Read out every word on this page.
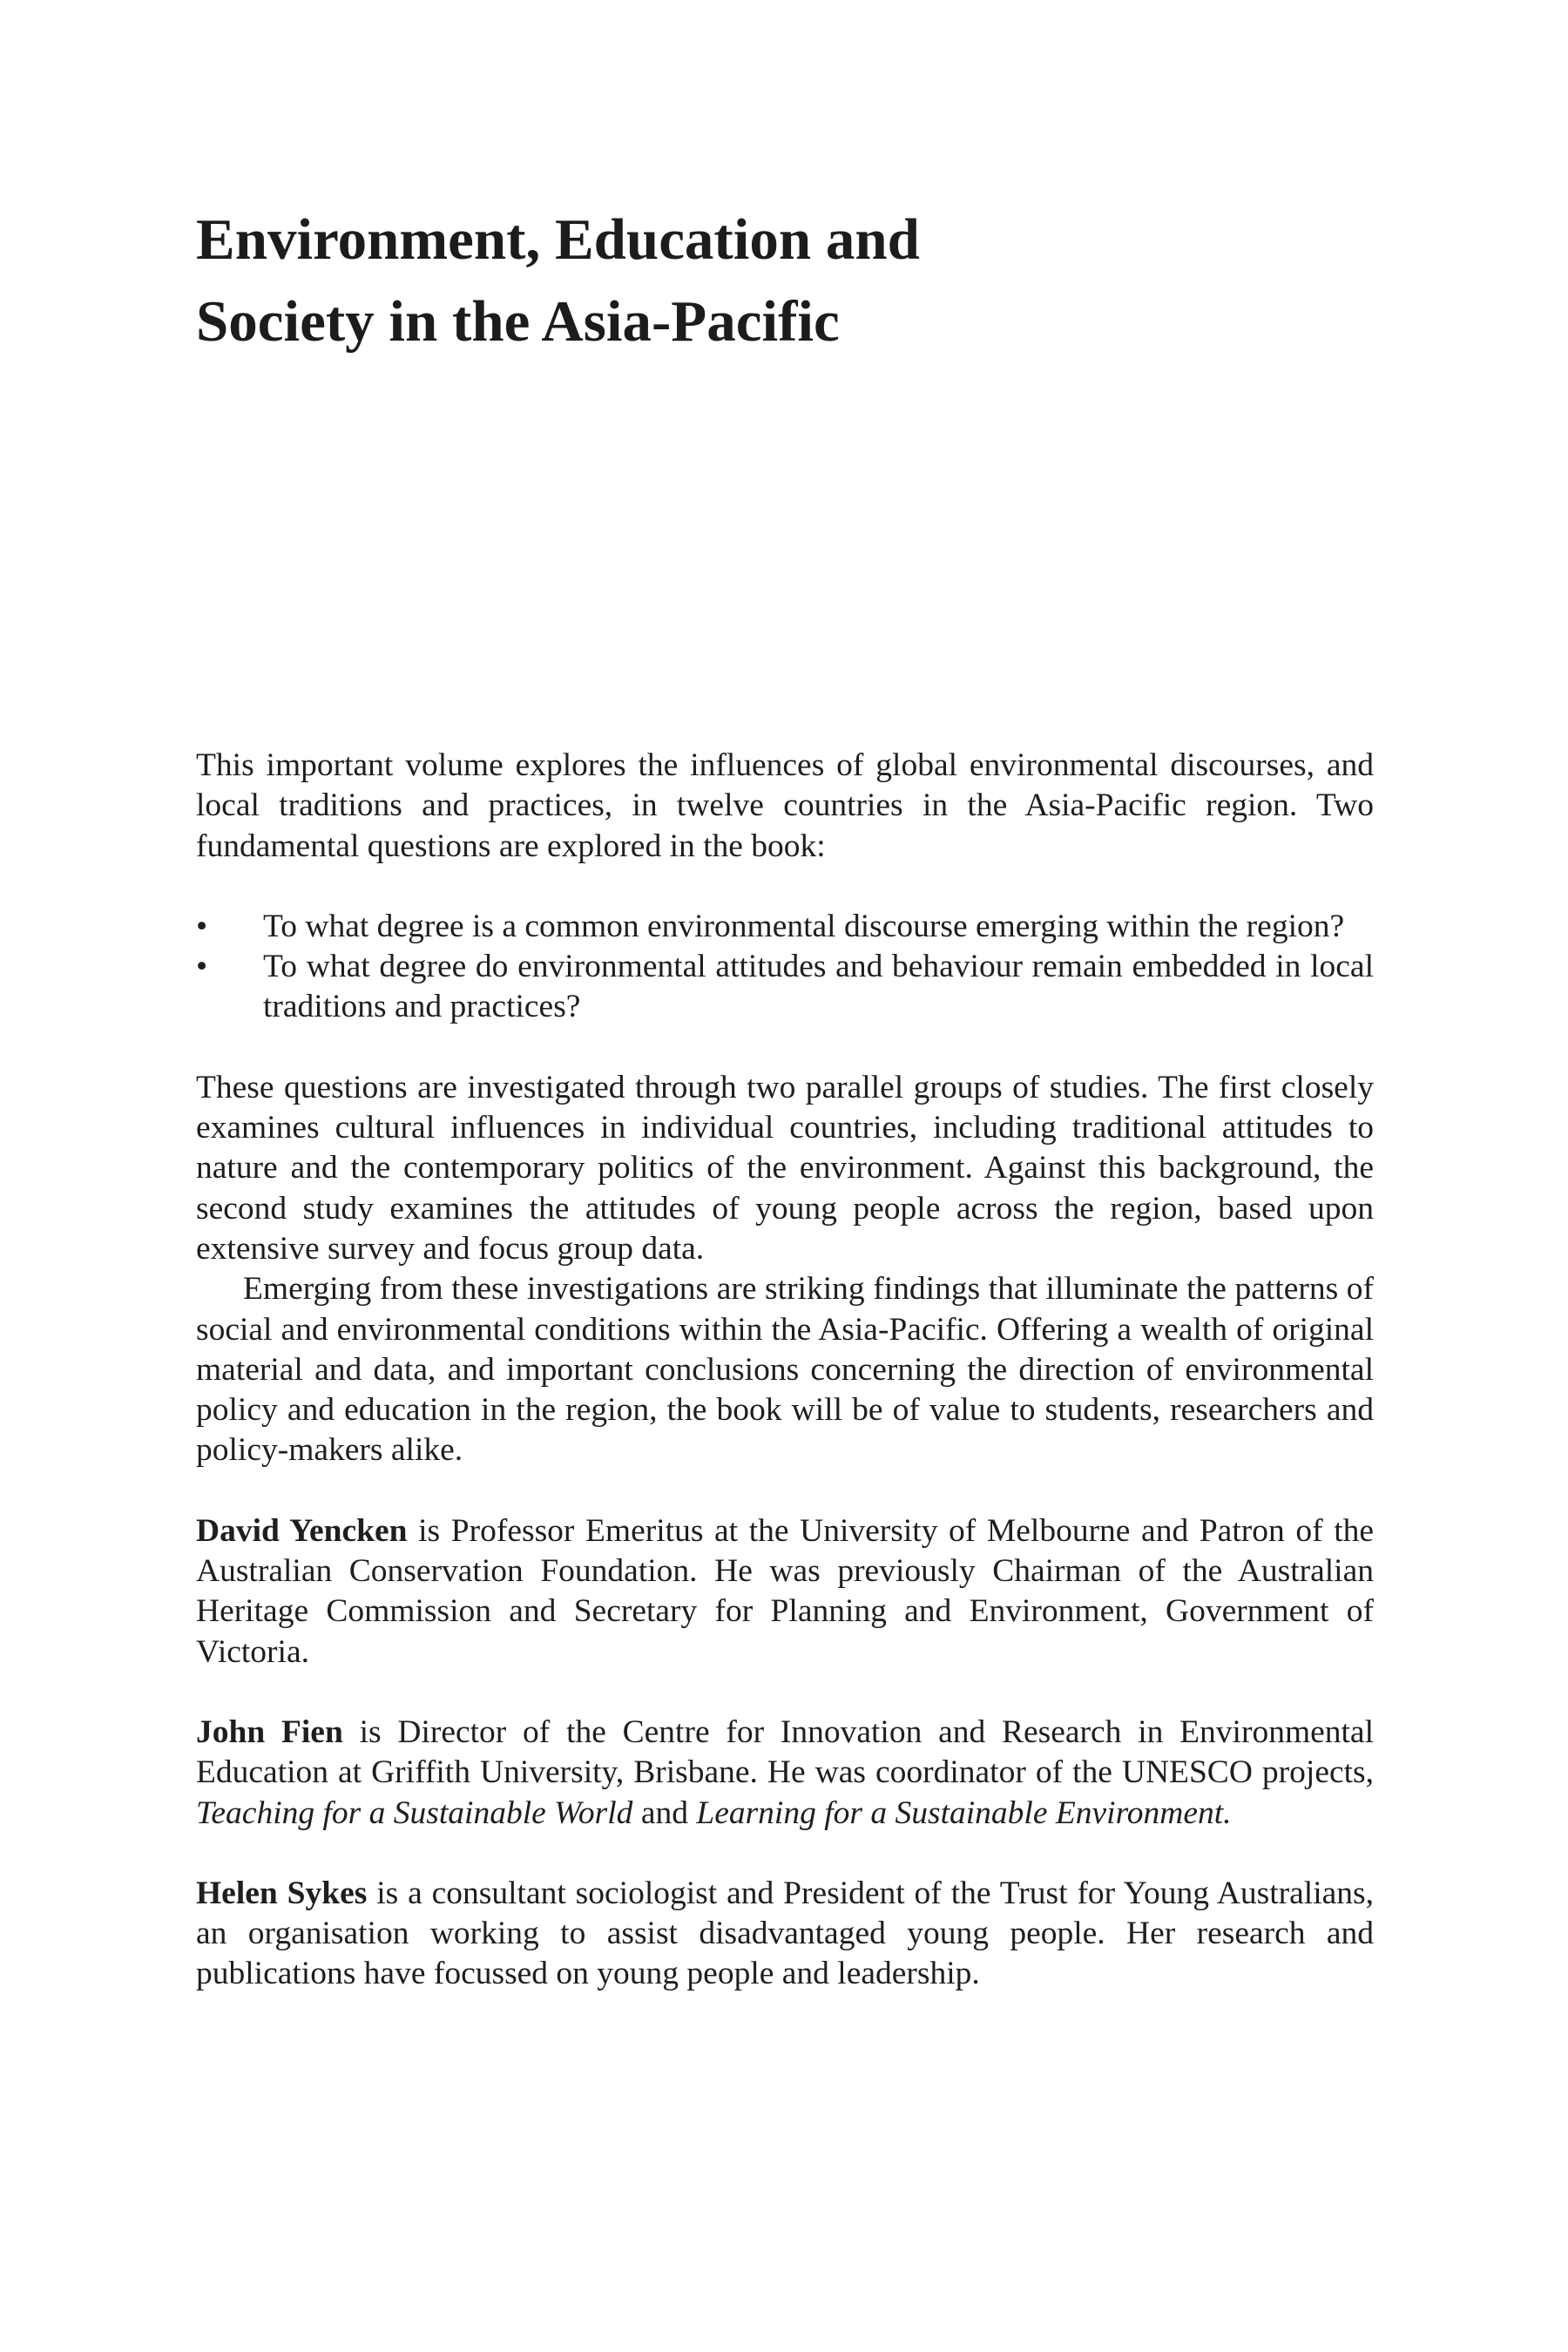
Environment, Education and
Society in the Asia-Pacific

This important volume explores the influences of global environmental discourses, and local traditions and practices, in twelve countries in the Asia-Pacific region. Two fundamental questions are explored in the book:

•	To what degree is a common environmental discourse emerging within the region?
•	To what degree do environmental attitudes and behaviour remain embedded in local traditions and practices?

These questions are investigated through two parallel groups of studies. The first closely examines cultural influences in individual countries, including traditional attitudes to nature and the contemporary politics of the environment. Against this background, the second study examines the attitudes of young people across the region, based upon extensive survey and focus group data.

Emerging from these investigations are striking findings that illuminate the patterns of social and environmental conditions within the Asia-Pacific. Offering a wealth of original material and data, and important conclusions concerning the direction of environmental policy and education in the region, the book will be of value to students, researchers and policy-makers alike.

David Yencken is Professor Emeritus at the University of Melbourne and Patron of the Australian Conservation Foundation. He was previously Chairman of the Australian Heritage Commission and Secretary for Planning and Environment, Government of Victoria.

John Fien is Director of the Centre for Innovation and Research in Environmental Education at Griffith University, Brisbane. He was coordinator of the UNESCO projects, Teaching for a Sustainable World and Learning for a Sustainable Environment.

Helen Sykes is a consultant sociologist and President of the Trust for Young Australians, an organisation working to assist disadvantaged young people. Her research and publications have focussed on young people and leadership.
